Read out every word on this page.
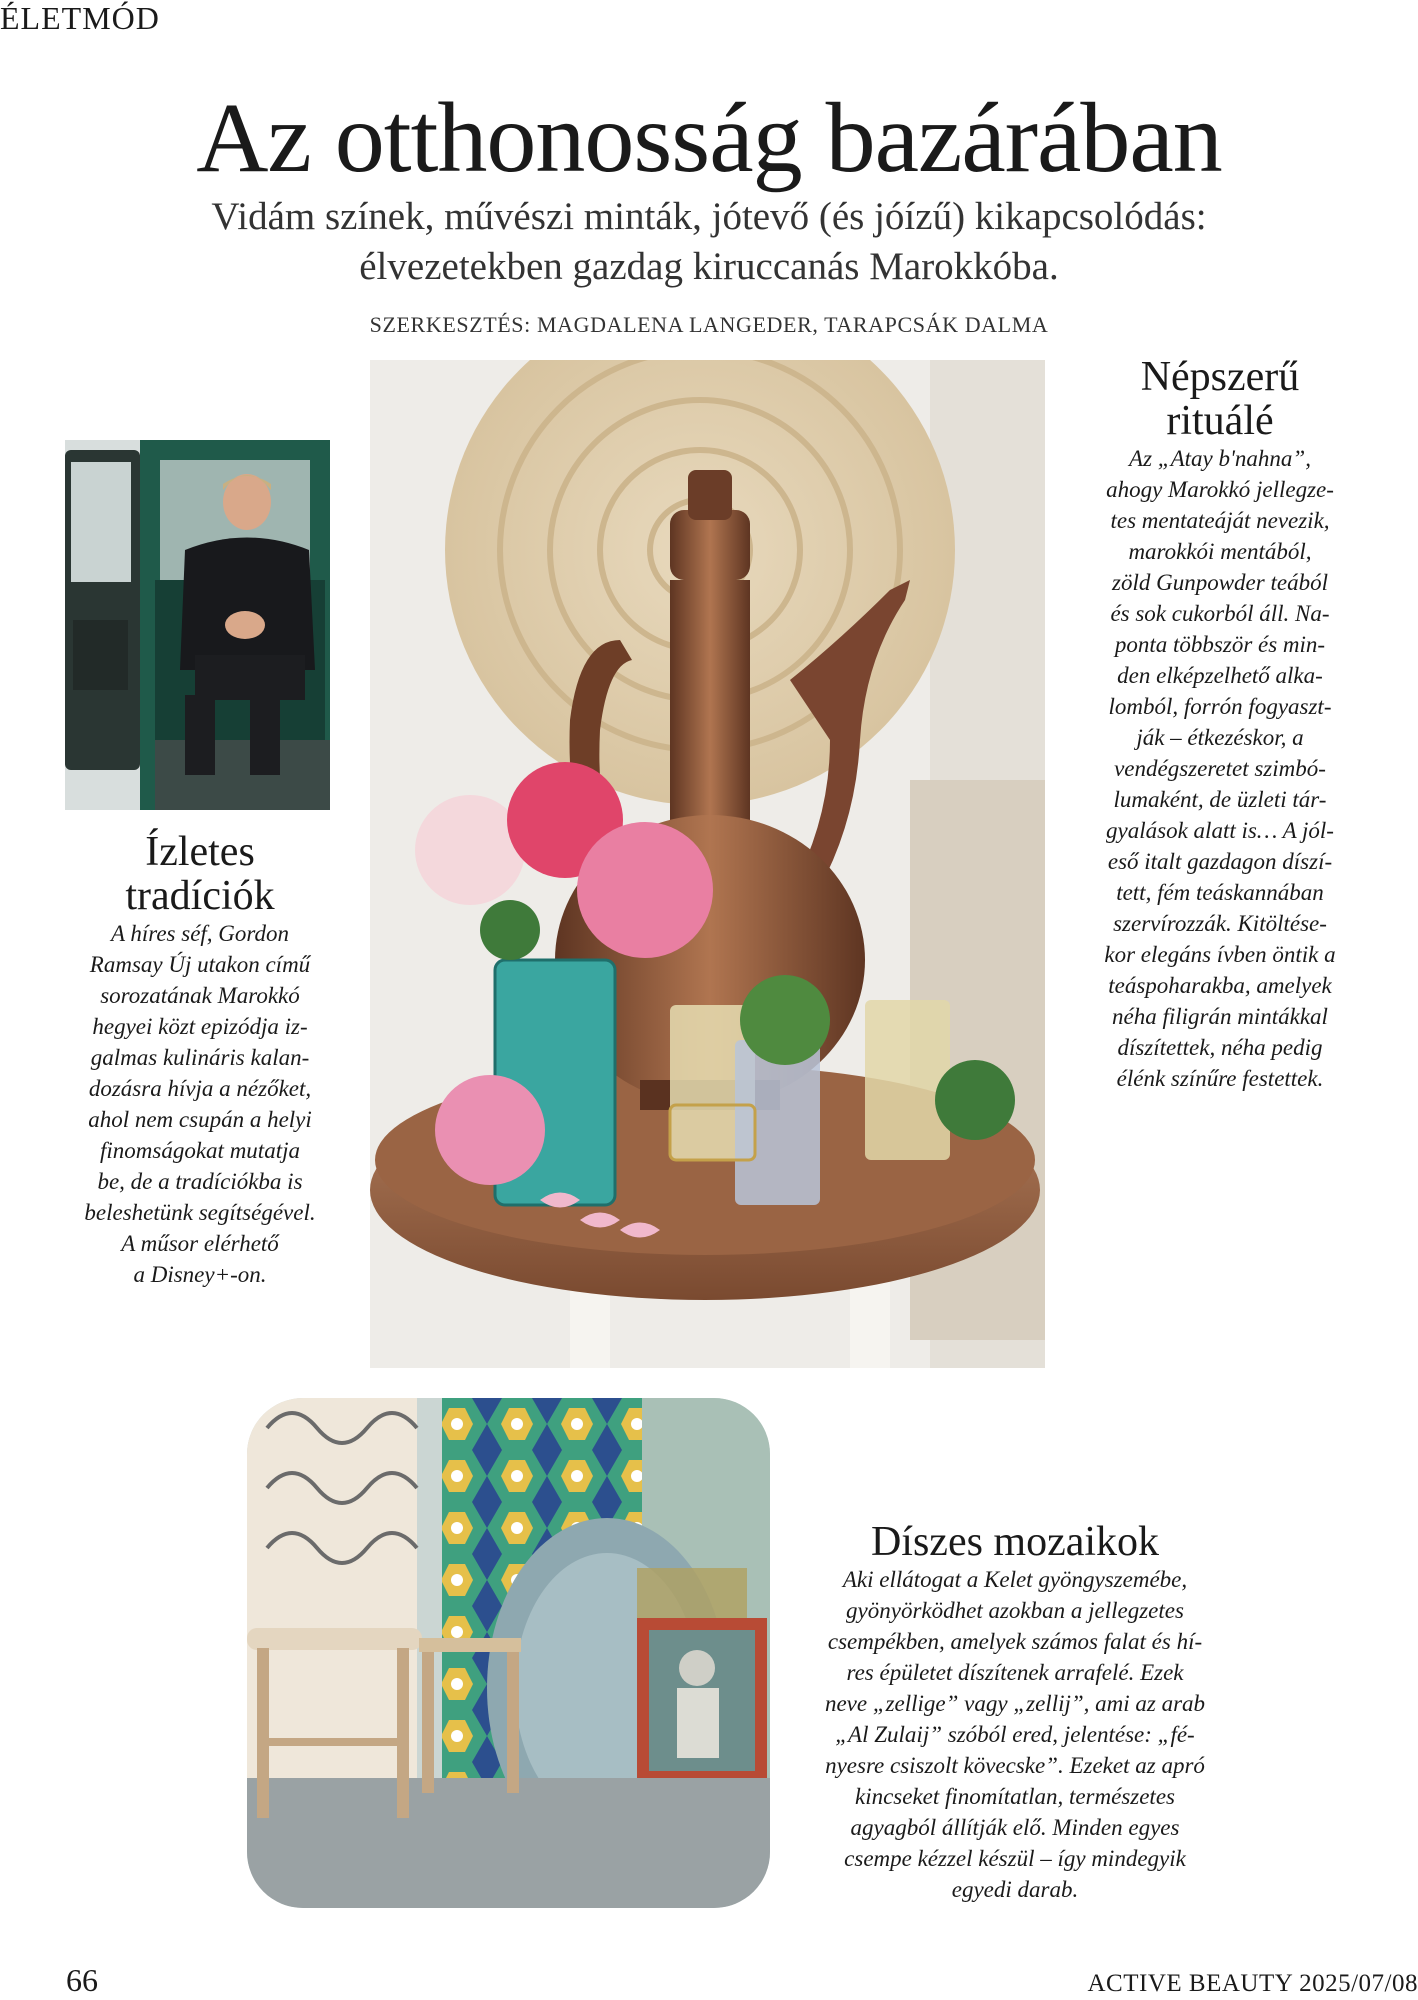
ÉLETMÓD
Az otthonosság bazárában
Vidám színek, művészi minták, jótevő (és jóízű) kikapcsolódás:
élvezetekben gazdag kiruccanás Marokkóba.
SZERKESZTÉS: MAGDALENA LANGEDER, TARAPCSÁK DALMA
Ízletes
tradíciók
A híres séf, Gordon
Ramsay Új utakon című
sorozatának Marokkó
hegyei közt epizódja iz-
galmas kulináris kalan-
dozásra hívja a nézőket,
ahol nem csupán a helyi
finomságokat mutatja
be, de a tradíciókba is
beleshetünk segítségével.
A műsor elérhető
a Disney+-on.
Népszerű
rituálé
Az „Atay b'nahna”,
ahogy Marokkó jellegze-
tes mentateáját nevezik,
marokkói mentából,
zöld Gunpowder teából
és sok cukorból áll. Na-
ponta többször és min-
den elképzelhető alka-
lomból, forrón fogyaszt-
ják – étkezéskor, a
vendégszeretet szimbó-
lumaként, de üzleti tár-
gyalások alatt is… A jól-
eső italt gazdagon díszí-
tett, fém teáskannában
szervírozzák. Kitöltése-
kor elegáns ívben öntik a
teáspoharakba, amelyek
néha filigrán mintákkal
díszítettek, néha pedig
élénk színűre festettek.
Díszes mozaikok
Aki ellátogat a Kelet gyöngyszemébe,
gyönyörködhet azokban a jellegzetes
csempékben, amelyek számos falat és hí-
res épületet díszítenek arrafelé. Ezek
neve „zellige” vagy „zellij”, ami az arab
„Al Zulaij” szóból ered, jelentése: „fé-
nyesre csiszolt kövecske”. Ezeket az apró
kincseket finomítatlan, természetes
agyagból állítják elő. Minden egyes
csempe kézzel készül – így mindegyik
egyedi darab.
66	ACTIVE BEAUTY 2025/07/08
